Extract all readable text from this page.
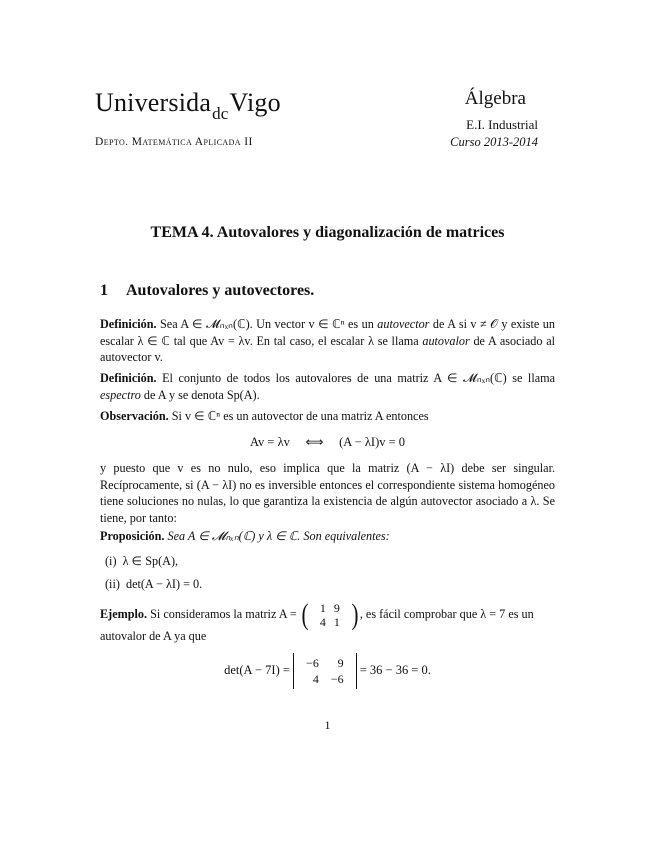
Universida$_{dc}$Vigo
Depto. Matemática Aplicada II
Álgebra
E.I. Industrial
Curso 2013-2014
TEMA 4. Autovalores y diagonalización de matrices
1 Autovalores y autovectores.
Definición. Sea A ∈ 𝓜ₙₓₙ(ℂ). Un vector v ∈ ℂⁿ es un autovector de A si v ≠ 𝒪 y existe un escalar λ ∈ ℂ tal que Av = λv. En tal caso, el escalar λ se llama autovalor de A asociado al autovector v.
Definición. El conjunto de todos los autovalores de una matriz A ∈ 𝓜ₙₓₙ(ℂ) se llama espectro de A y se denota Sp(A).
Observación. Si v ∈ ℂⁿ es un autovector de una matriz A entonces
Av = λv     ⟺     (A − λI)v = 0
y puesto que v es no nulo, eso implica que la matriz (A − λI) debe ser singular. Recíprocamente, si (A − λI) no es inversible entonces el correspondiente sistema homogéneo tiene soluciones no nulas, lo que garantiza la existencia de algún autovector asociado a λ. Se tiene, por tanto:
Proposición. Sea A ∈ 𝓜ₙₓₙ(ℂ) y λ ∈ ℂ. Son equivalentes:
(i)  λ ∈ Sp(A),
(ii)  det(A − λI) = 0.
Ejemplo. Si consideramos la matriz A = ( 1	9
4	1 ) , es fácil comprobar que λ = 7 es un
autovalor de A ya que
det(A − 7I) = −6	9
4	−6
= 36 − 36 = 0.
1
